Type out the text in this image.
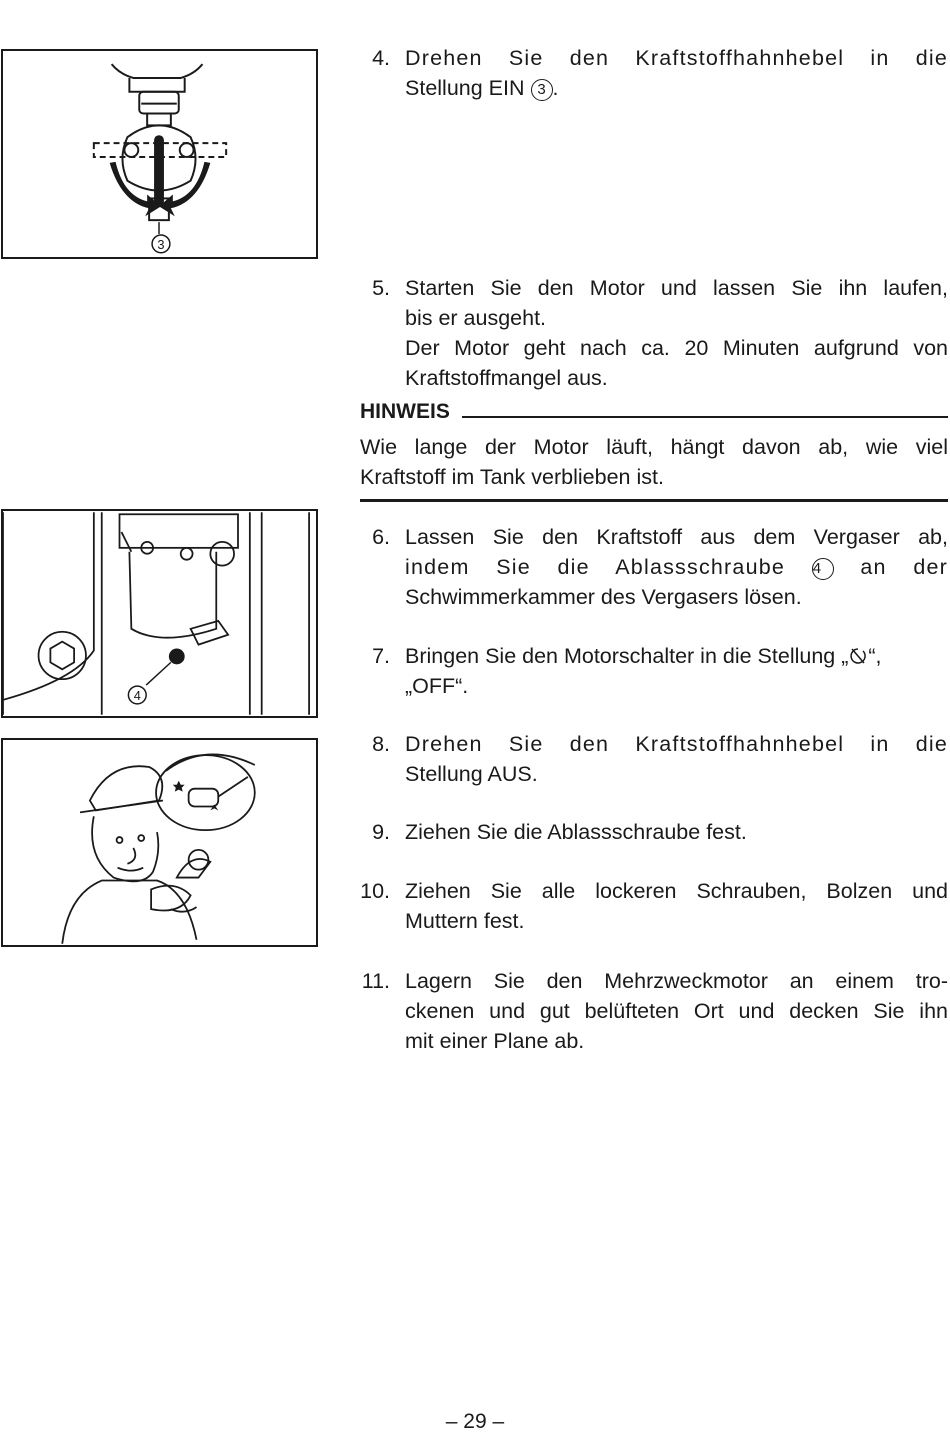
3
4
4. Drehen Sie den Kraftstoffhahnhebel in die
Stellung EIN 3 .
5. Starten Sie den Motor und lassen Sie ihn laufen,
bis er ausgeht.
Der Motor geht nach ca. 20 Minuten aufgrund von
Kraftstoffmangel aus.
HINWEIS
Wie lange der Motor läuft, hängt davon ab, wie viel
Kraftstoff im Tank verblieben ist.
6. Lassen Sie den Kraftstoff aus dem Vergaser ab,
indem Sie die Ablassschraube 4 an der
Schwimmerkammer des Vergasers lösen.
7. Bringen Sie den Motorschalter in die Stellung „ “,
„OFF“.
8. Drehen Sie den Kraftstoffhahnhebel in die
Stellung AUS.
9. Ziehen Sie die Ablassschraube fest.
10. Ziehen Sie alle lockeren Schrauben, Bolzen und
Muttern fest.
11. Lagern Sie den Mehrzweckmotor an einem tro-
ckenen und gut belüfteten Ort und decken Sie ihn
mit einer Plane ab.
– 29 –
